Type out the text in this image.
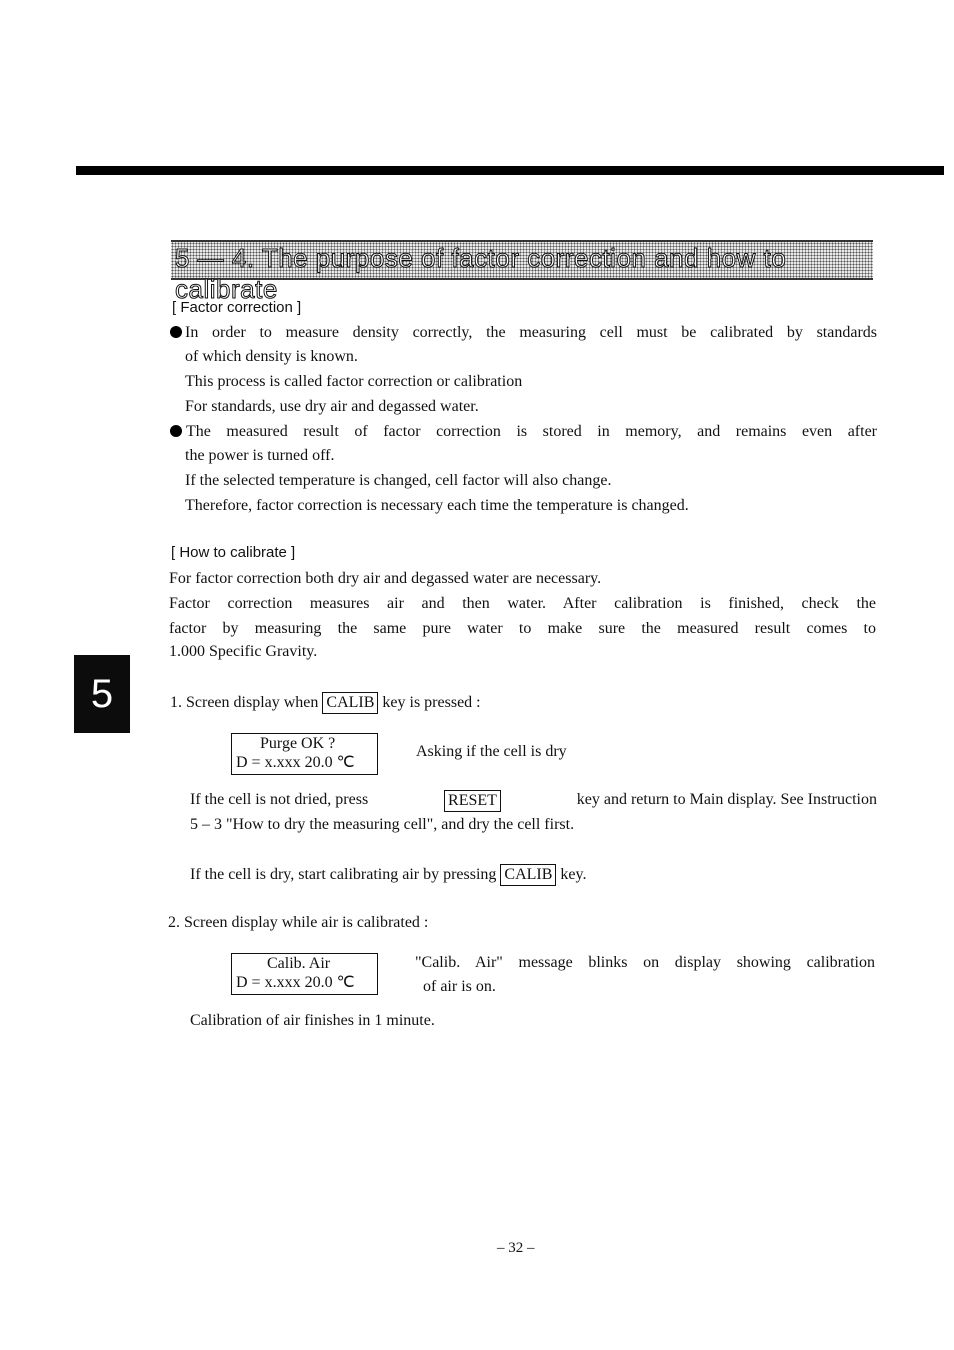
5 — 4. The purpose of factor correction and how to calibrate
5
[ Factor correction ]
In order to measure density correctly, the measuring cell must be calibrated by standards
of which density is known.
This process is called factor correction or calibration
For standards, use dry air and degassed water.
The measured result of factor correction is stored in memory, and remains even after
the power is turned off.
If the selected temperature is changed, cell factor will also change.
Therefore, factor correction is necessary each time the temperature is changed.
[ How to calibrate ]
For factor correction both dry air and degassed water are necessary.
Factor correction measures air and then water. After calibration is finished, check the
factor by measuring the same pure water to make sure the measured result comes to
1.000 Specific Gravity.
1. Screen display when CALIB key is pressed :
Purge OK ?
D = x.xxx 20.0 ℃
Asking if the cell is dry
If the cell is not dried, press	RESET	key and return to Main display. See Instruction
5 – 3 "How to dry the measuring cell", and dry the cell first.
If the cell is dry, start calibrating air by pressing CALIB key.
2. Screen display while air is calibrated :
Calib. Air
D = x.xxx 20.0 ℃
"Calib. Air" message blinks on display showing calibration
of air is on.
Calibration of air finishes in 1 minute.
– 32 –
